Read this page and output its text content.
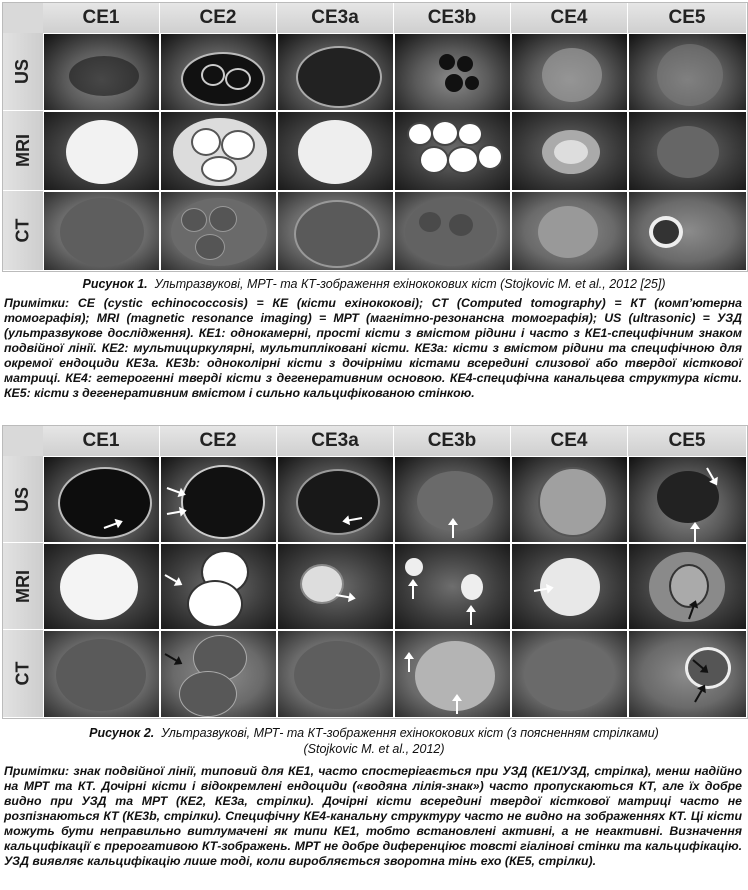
CE1	CE2	CE3a	CE3b	CE4	CE5
US
MRI
CT
Рисунок 1. Ультразвукові, МРТ- та КТ-зображення ехінококових кіст (Stojkovic M. et al., 2012 [25])
Примітки: CE (cystic echinococcosis) = КЕ (кісти ехінококові); CT (Computed tomography) = КТ (комп’ютерна томографія); MRI (magnetic resonance imaging) = МРТ (магнітно-резонансна томографія); US (ultrasonic) = УЗД (ультразвукове дослідження). КЕ1: однокамерні, прості кісти з вмістом рідини і часто з КЕ1-специфічним знаком подвійної лінії. КЕ2: мультициркулярні, мультипліковані кісти. КЕ3а: кісти з вмістом рідини та специфічною для окремої ендоциди КЕ3а. КЕ3b: одноколірні кісти з дочірніми кістами всередині слизової або твердої кісткової матриці. КЕ4: гетерогенні тверді кісти з дегенеративним основою. КЕ4-специфічна канальцева структура кісти. КЕ5: кісти з дегенеративним вмістом і сильно кальцифікованою стінкою.
CE1	CE2	CE3a	CE3b	CE4	CE5
US
MRI
CT
Рисунок 2. Ультразвукові, МРТ- та КТ-зображення ехінококових кіст (з поясненням стрілками)
(Stojkovic M. et al., 2012)
Примітки: знак подвійної лінії, типовий для КЕ1, часто спостерігається при УЗД (КЕ1/УЗД, стрілка), менш надійно на МРТ та КТ. Дочірні кісти і відокремлені ендоциди («водяна лілія-знак») часто пропускаються КТ, але їх добре видно при УЗД та МРТ (КЕ2, КЕ3а, стрілки). Дочірні кісти всередині твердої кісткової матриці часто не розпізнаються КТ (КЕ3b, стрілки). Специфічну КЕ4-канальну структуру часто не видно на зображеннях КТ. Ці кісти можуть бути неправильно витлумачені як типи КЕ1, тобто встановлені активні, а не неактивні. Визначення кальцифікації є прерогативою КТ-зображень. МРТ не добре диференціює товсті гіалінові стінки та кальцифікацію. УЗД виявляє кальцифікацію лише тоді, коли виробляється зворотна тінь ехо (КЕ5, стрілки).
